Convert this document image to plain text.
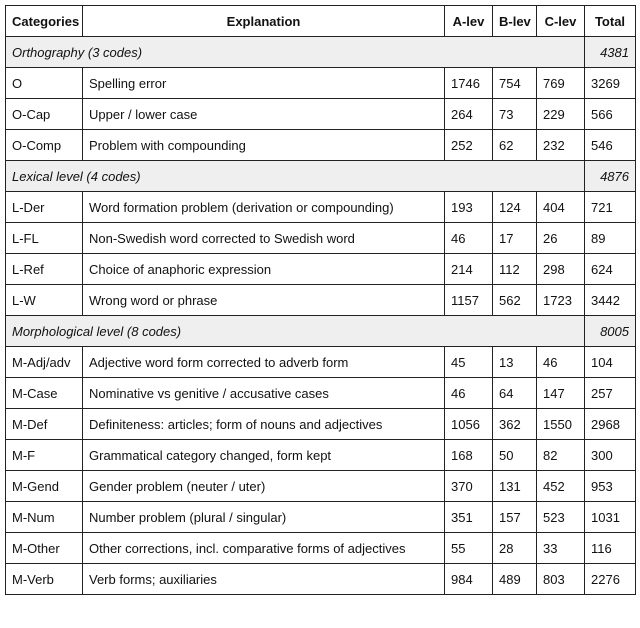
Categories	Explanation	A-lev	B-lev	C-lev	Total
Orthography (3 codes)					4381
O	Spelling error	1746	754	769	3269
O-Cap	Upper / lower case	264	73	229	566
O-Comp	Problem with compounding	252	62	232	546
Lexical level (4 codes)					4876
L-Der	Word formation problem (derivation or compounding)	193	124	404	721
L-FL	Non-Swedish word corrected to Swedish word	46	17	26	89
L-Ref	Choice of anaphoric expression	214	112	298	624
L-W	Wrong word or phrase	1157	562	1723	3442
Morphological level (8 codes)					8005
M-Adj/adv	Adjective word form corrected to adverb form	45	13	46	104
M-Case	Nominative vs genitive / accusative cases	46	64	147	257
M-Def	Definiteness: articles; form of nouns and adjectives	1056	362	1550	2968
M-F	Grammatical category changed, form kept	168	50	82	300
M-Gend	Gender problem (neuter / uter)	370	131	452	953
M-Num	Number problem (plural / singular)	351	157	523	1031
M-Other	Other corrections, incl. comparative forms of adjectives	55	28	33	116
M-Verb	Verb forms; auxiliaries	984	489	803	2276
